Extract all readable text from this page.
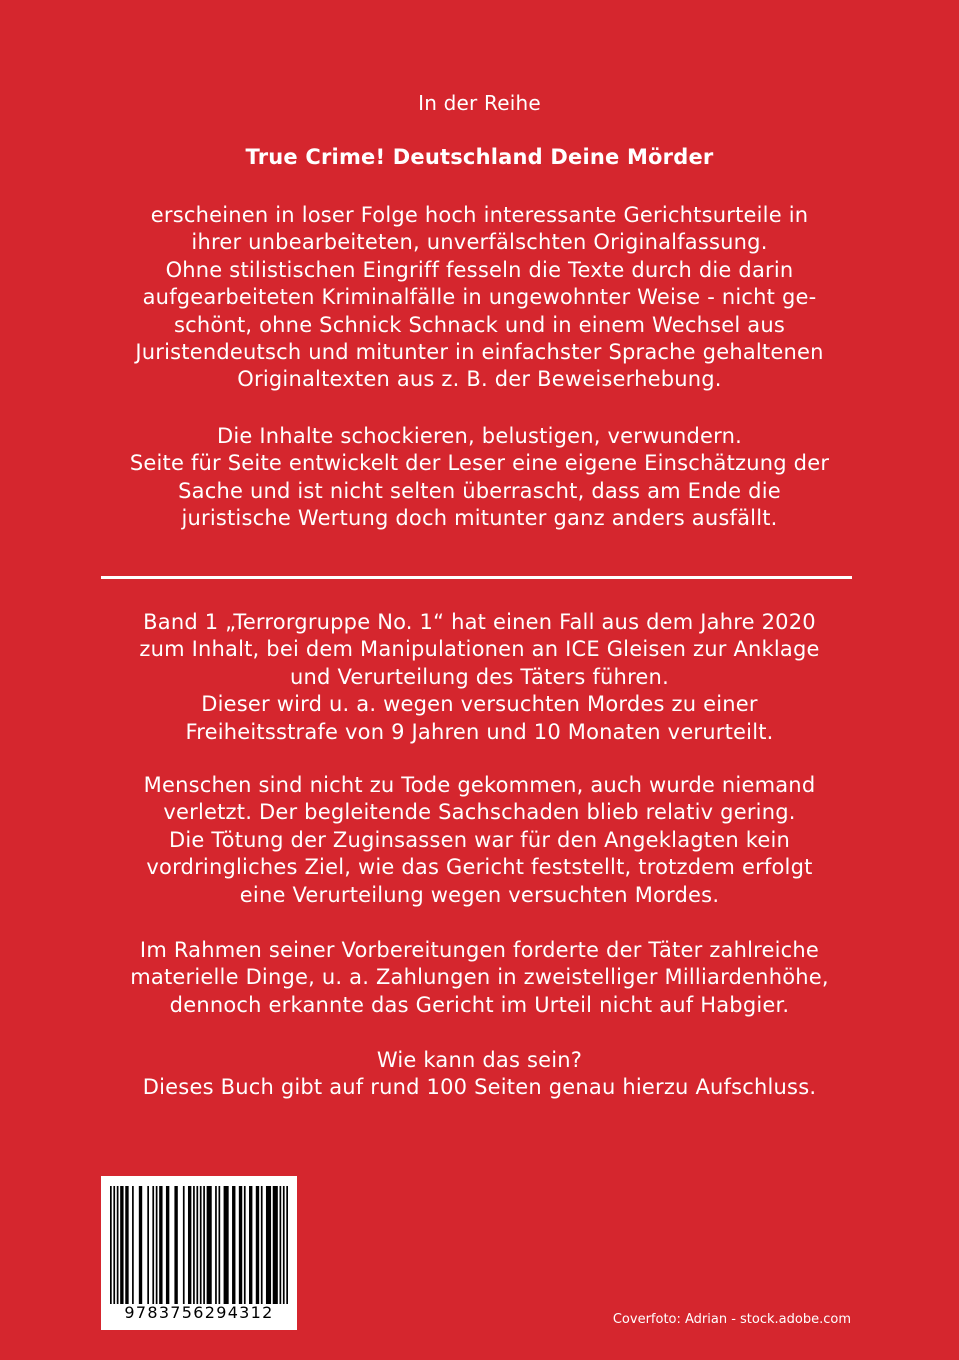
In der Reihe
True Crime! Deutschland Deine Mörder
erscheinen in loser Folge hoch interessante Gerichtsurteile in
ihrer unbearbeiteten, unverfälschten Originalfassung.
Ohne stilistischen Eingriff fesseln die Texte durch die darin
aufgearbeiteten Kriminalfälle in ungewohnter Weise - nicht ge-
schönt, ohne Schnick Schnack und in einem Wechsel aus
Juristendeutsch und mitunter in einfachster Sprache gehaltenen
Originaltexten aus z. B. der Beweiserhebung.
Die Inhalte schockieren, belustigen, verwundern.
Seite für Seite entwickelt der Leser eine eigene Einschätzung der
Sache und ist nicht selten überrascht, dass am Ende die
juristische Wertung doch mitunter ganz anders ausfällt.
Band 1 „Terrorgruppe No. 1“ hat einen Fall aus dem Jahre 2020
zum Inhalt, bei dem Manipulationen an ICE Gleisen zur Anklage
und Verurteilung des Täters führen.
Dieser wird u. a. wegen versuchten Mordes zu einer
Freiheitsstrafe von 9 Jahren und 10 Monaten verurteilt.
Menschen sind nicht zu Tode gekommen, auch wurde niemand
verletzt. Der begleitende Sachschaden blieb relativ gering.
Die Tötung der Zuginsassen war für den Angeklagten kein
vordringliches Ziel, wie das Gericht feststellt, trotzdem erfolgt
eine Verurteilung wegen versuchten Mordes.
Im Rahmen seiner Vorbereitungen forderte der Täter zahlreiche
materielle Dinge, u. a. Zahlungen in zweistelliger Milliardenhöhe,
dennoch erkannte das Gericht im Urteil nicht auf Habgier.
Wie kann das sein?
Dieses Buch gibt auf rund 100 Seiten genau hierzu Aufschluss.
9783756294312	Coverfoto: Adrian - stock.adobe.com
